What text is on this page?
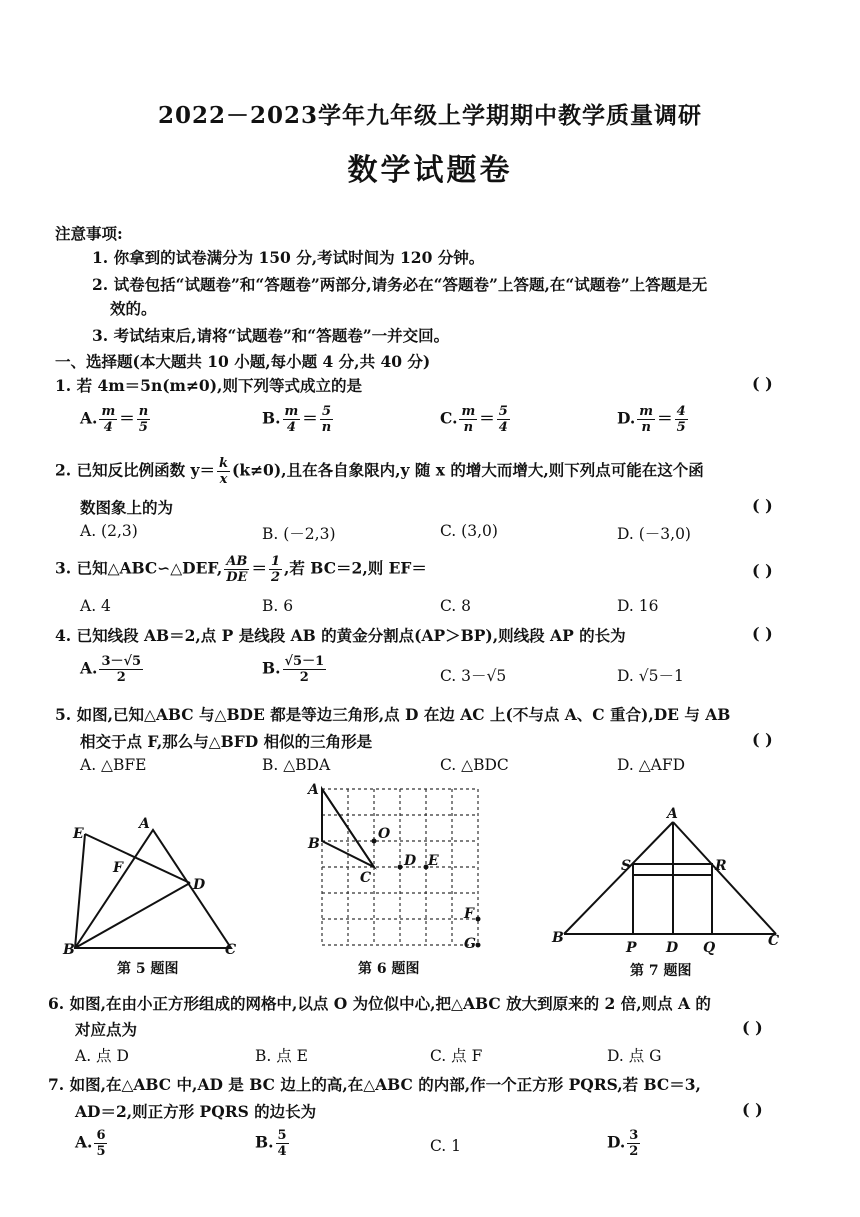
2022－2023学年九年级上学期期中教学质量调研
数学试题卷
注意事项:
1. 你拿到的试卷满分为 150 分,考试时间为 120 分钟。
2. 试卷包括“试题卷”和“答题卷”两部分,请务必在“答题卷”上答题,在“试题卷”上答题是无
效的。
3. 考试结束后,请将“试题卷”和“答题卷”一并交回。
一、选择题(本大题共 10 小题,每小题 4 分,共 40 分)
1. 若 4m＝5n(m≠0),则下列等式成立的是	( )
A. $\frac{m}{4} = \frac{n}{5}$	B. $\frac{m}{4} = \frac{5}{n}$	C. $\frac{m}{n} = \frac{5}{4}$	D. $\frac{m}{n} = \frac{4}{5}$
2. 已知反比例函数 $y= \frac{k}{x} (k\ne 0)$,且在各自象限内,y 随 x 的增大而增大,则下列点可能在这个函
数图象上的为	( )
A. (2,3)	B. (－2,3)	C. (3,0)	D. (－3,0)
3. 已知△ABC∽△DEF, $\frac{AB}{DE} = \frac{1}{2}$ ,若 BC＝2,则 EF＝	( )
A. 4	B. 6	C. 8	D. 16
4. 已知线段 AB＝2,点 P 是线段 AB 的黄金分割点(AP＞BP),则线段 AP 的长为	( )
A. $\frac{3-√5}{2}$	B. $\frac{√5-1}{2}$	C. 3－√5	D. √5－1
5. 如图,已知△ABC 与△BDE 都是等边三角形,点 D 在边 AC 上(不与点 A、C 重合),DE 与 AB
相交于点 F,那么与△BFD 相似的三角形是	( )
A. △BFE	B. △BDA	C. △BDC	D. △AFD
E
A
F
D
B	C
第 5 题图
A
O
B
C
D E
F
G
第 6 题图
A
S	R
B
P D Q	C
第 7 题图
6. 如图,在由小正方形组成的网格中,以点 O 为位似中心,把△ABC 放大到原来的 2 倍,则点 A 的
对应点为	( )
A. 点 D	B. 点 E	C. 点 F	D. 点 G
7. 如图,在△ABC 中,AD 是 BC 边上的高,在△ABC 的内部,作一个正方形 PQRS,若 BC＝3,
AD＝2,则正方形 PQRS 的边长为	( )
A. $\frac{6}{5}$	B. $\frac{5}{4}$	C. 1	D. $\frac{3}{2}$
